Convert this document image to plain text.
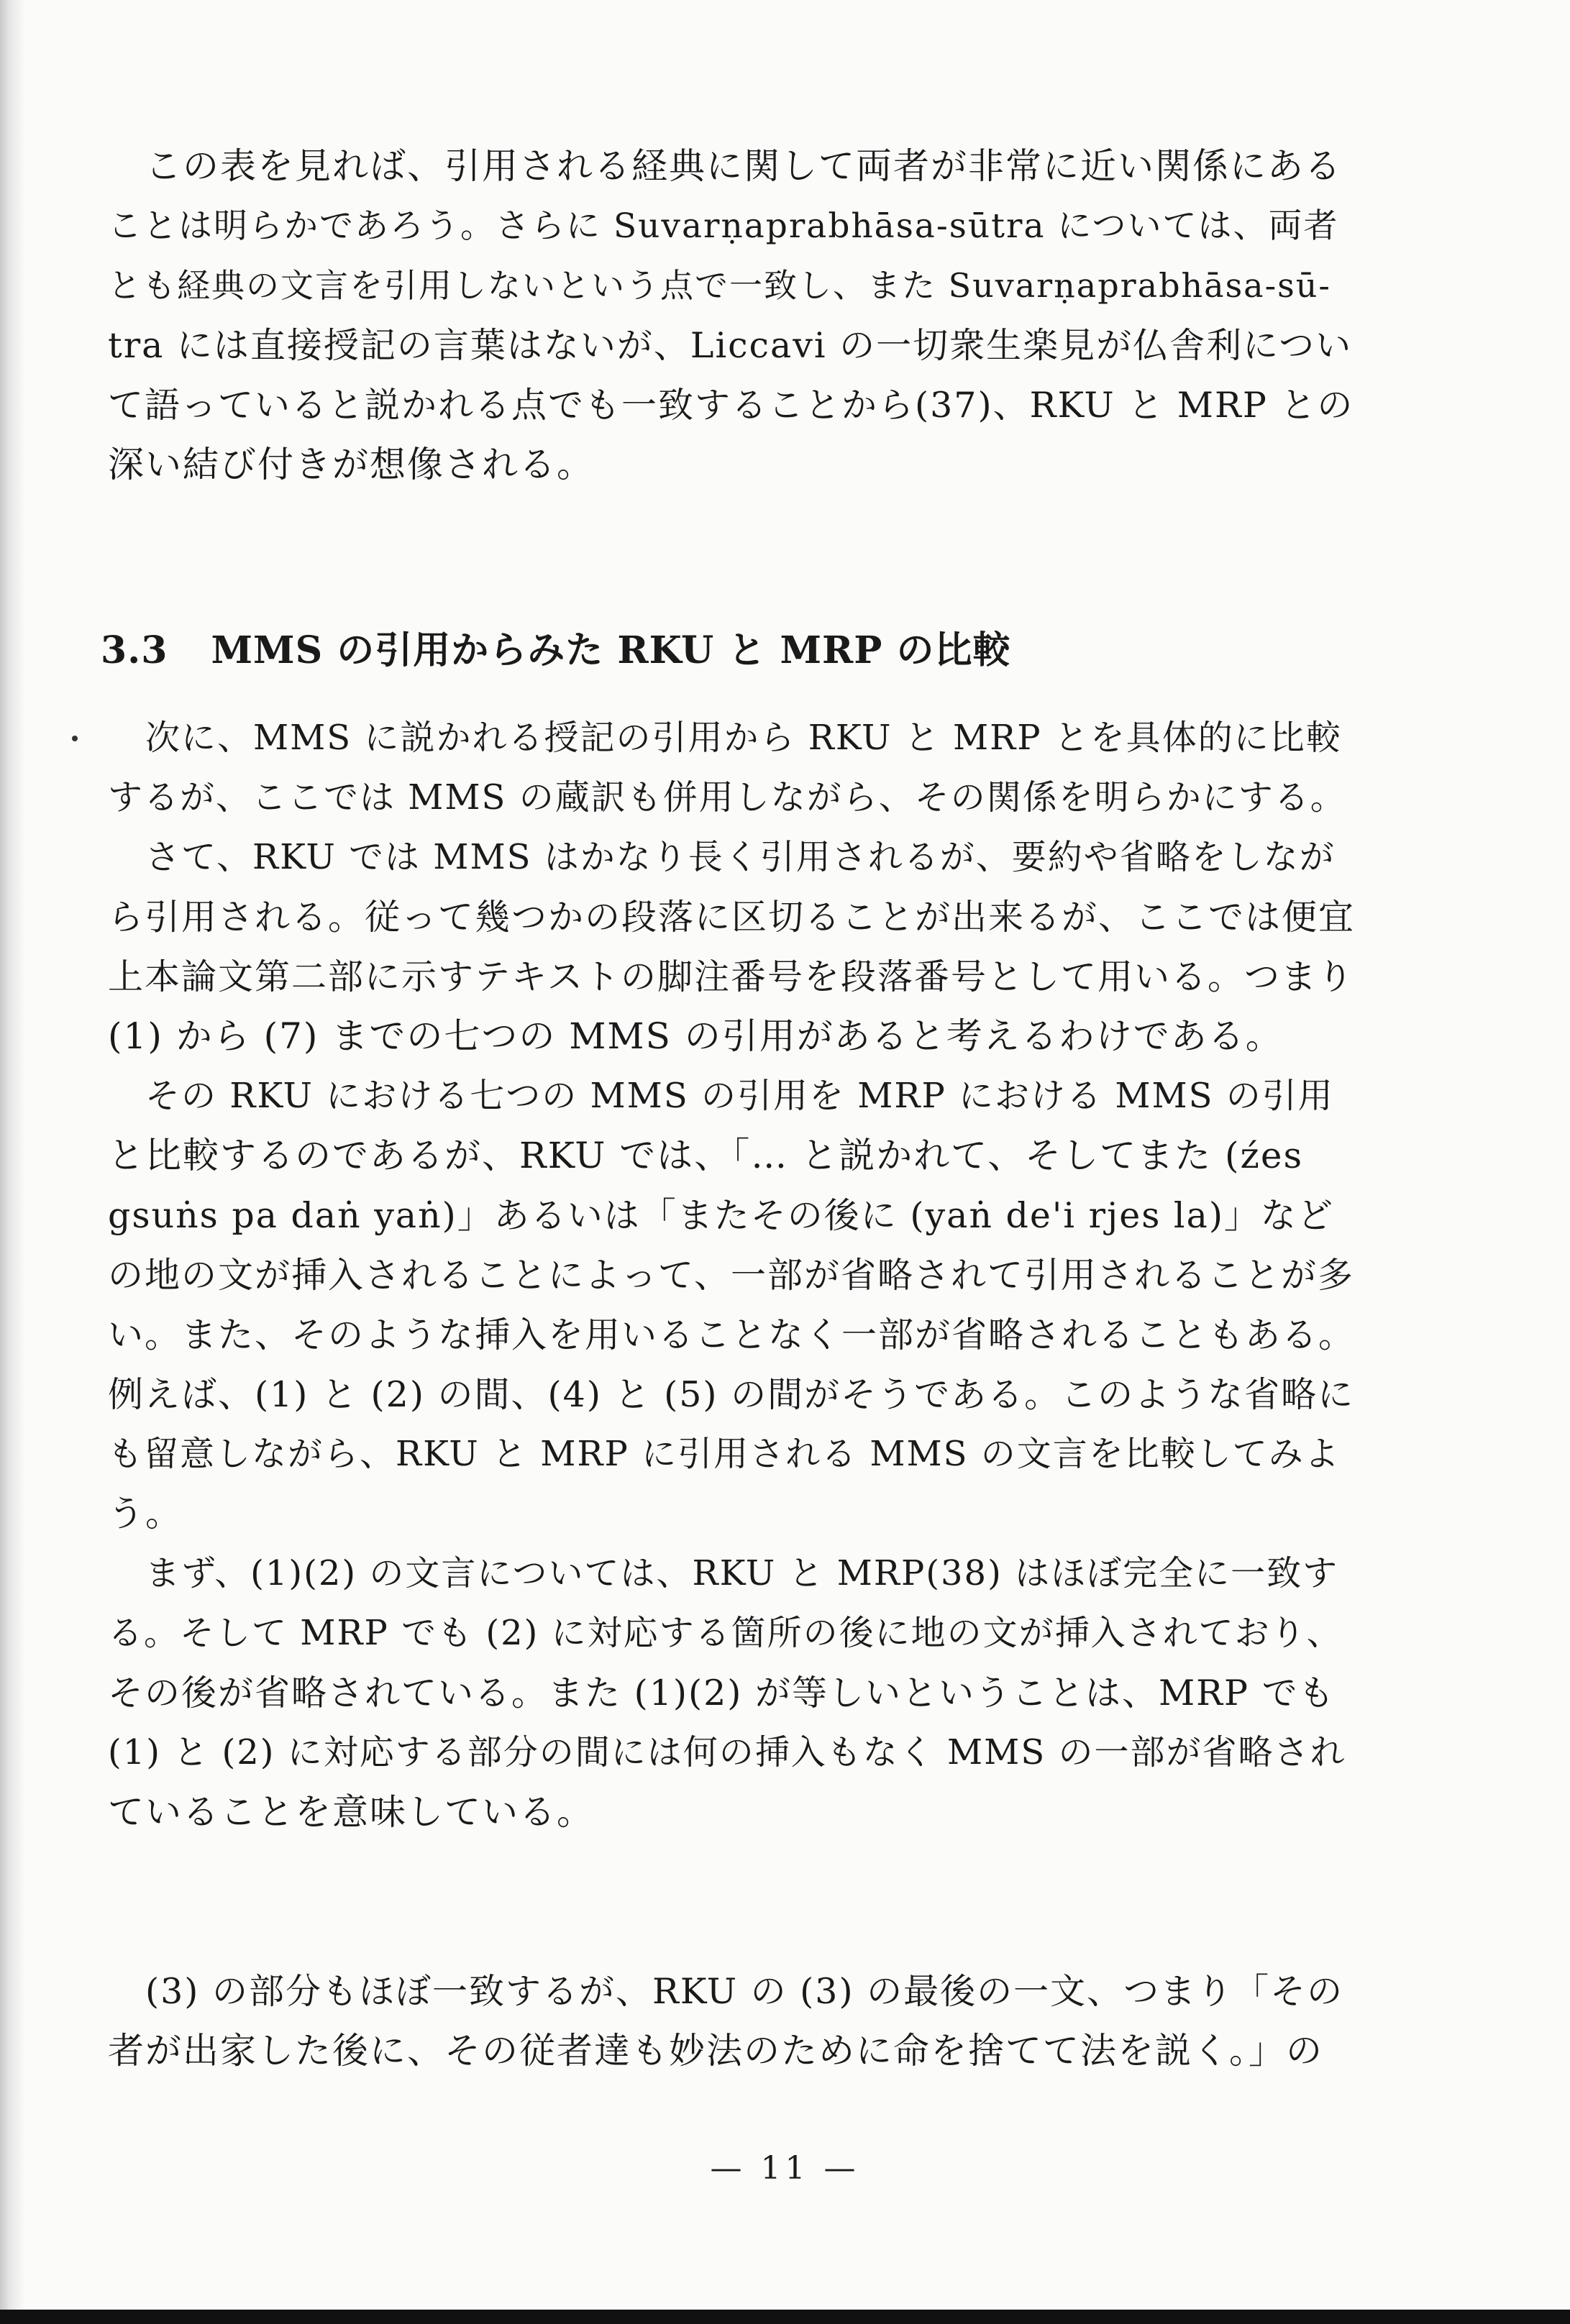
この表を見れば、引用される経典に関して両者が非常に近い関係にある
ことは明らかであろう。さらに Suvarṇaprabhāsa-sūtra については、両者
とも経典の文言を引用しないという点で一致し、また Suvarṇaprabhāsa-sū-
tra には直接授記の言葉はないが、Liccavi の一切衆生楽見が仏舎利につい
て語っていると説かれる点でも一致することから(37)、RKU と MRP との
深い結び付きが想像される。
3.3 MMS の引用からみた RKU と MRP の比較
次に、MMS に説かれる授記の引用から RKU と MRP とを具体的に比較
するが、ここでは MMS の蔵訳も併用しながら、その関係を明らかにする。
さて、RKU では MMS はかなり長く引用されるが、要約や省略をしなが
ら引用される。従って幾つかの段落に区切ることが出来るが、ここでは便宜
上本論文第二部に示すテキストの脚注番号を段落番号として用いる。つまり
(1) から (7) までの七つの MMS の引用があると考えるわけである。
その RKU における七つの MMS の引用を MRP における MMS の引用
と比較するのであるが、RKU では、「… と説かれて、そしてまた (źes
gsuṅs pa daṅ yaṅ)」あるいは「またその後に (yaṅ de'i rjes la)」など
の地の文が挿入されることによって、一部が省略されて引用されることが多
い。また、そのような挿入を用いることなく一部が省略されることもある。
例えば、(1) と (2) の間、(4) と (5) の間がそうである。このような省略に
も留意しながら、RKU と MRP に引用される MMS の文言を比較してみよ
う。
まず、(1)(2) の文言については、RKU と MRP(38) はほぼ完全に一致す
る。そして MRP でも (2) に対応する箇所の後に地の文が挿入されており、
その後が省略されている。また (1)(2) が等しいということは、MRP でも
(1) と (2) に対応する部分の間には何の挿入もなく MMS の一部が省略され
ていることを意味している。
(3) の部分もほぼ一致するが、RKU の (3) の最後の一文、つまり「その
者が出家した後に、その従者達も妙法のために命を捨てて法を説く。」の
— 11 —
